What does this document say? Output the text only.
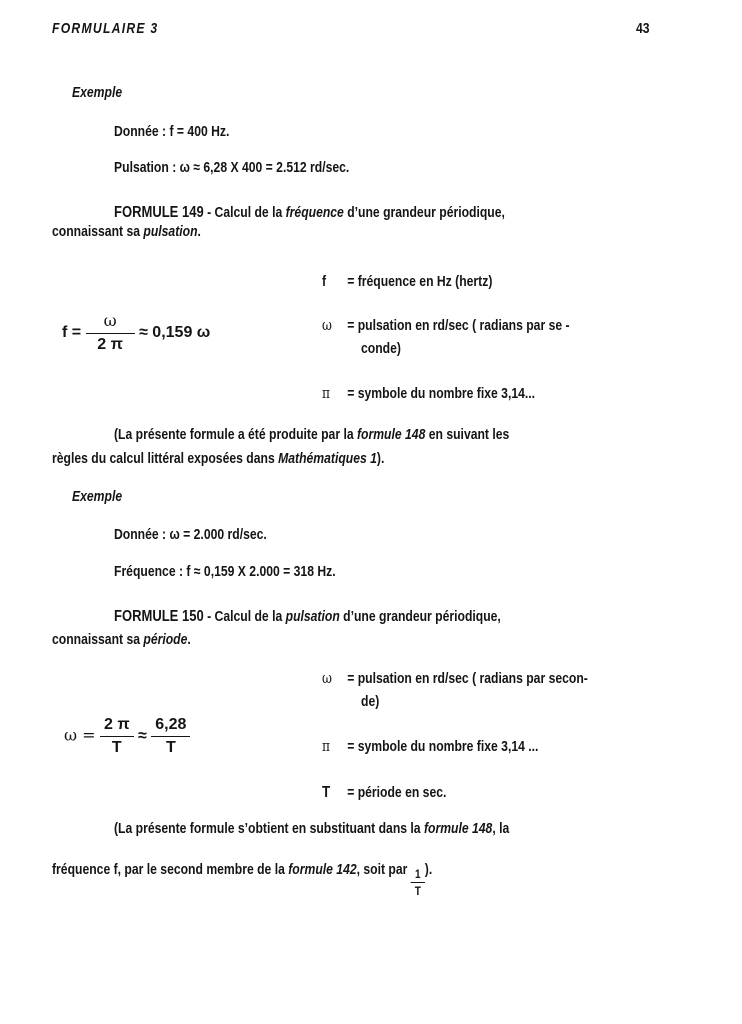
FORMULAIRE 3	43
Exemple
Donnée : f = 400 Hz.
Pulsation : ω ≈ 6,28 X 400 = 2.512 rd/sec.
FORMULE 149 - Calcul de la fréquence d’une grandeur périodique,
connaissant sa pulsation.
$f = \frac{\omega}{2 \pi} \approx 0,159$ ω
f = fréquence en Hz (hertz)
ω = pulsation en rd/sec ( radians par se -
conde)
π = symbole du nombre fixe 3,14...
(La présente formule a été produite par la formule 148 en suivant les
règles du calcul littéral exposées dans Mathématiques 1).
Exemple
Donnée : ω = 2.000 rd/sec.
Fréquence : f ≈ 0,159 X 2.000 = 318 Hz.
FORMULE 150 - Calcul de la pulsation d’une grandeur périodique,
connaissant sa période.
ω = pulsation en rd/sec ( radians par secon-
de)
$\omega = \frac{2 \pi}{T} \approx \frac{6,28}{T}$	π = symbole du nombre fixe 3,14 ...
T = période en sec.
(La présente formule s’obtient en substituant dans la formule 148, la
fréquence f, par le second membre de la formule 142, soit par $\frac{1}{T}$ ).
